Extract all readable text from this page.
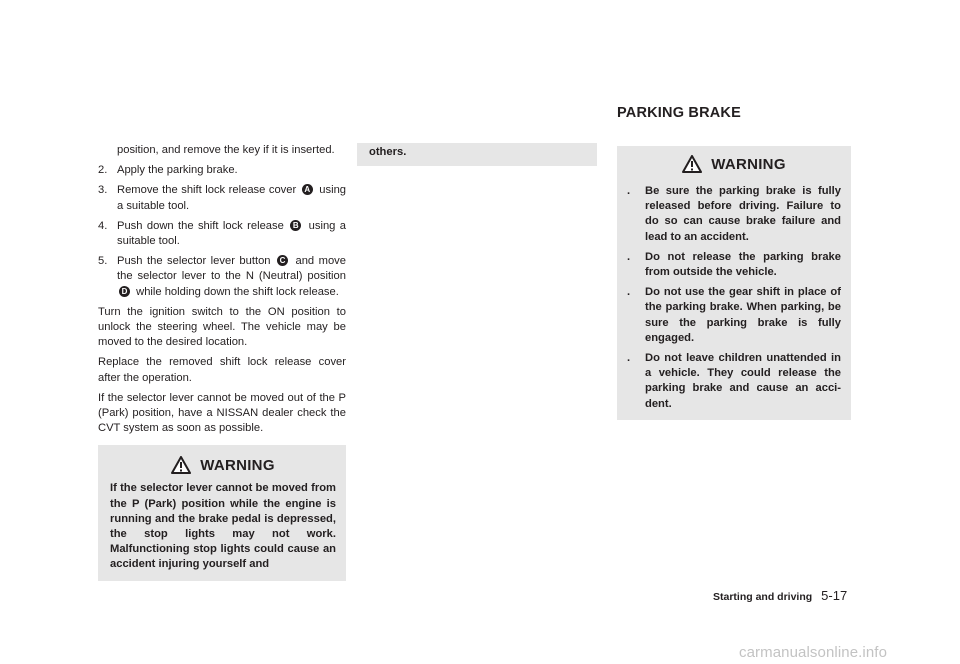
PARKING BRAKE

position, and remove the key if it is inserted.

2. Apply the parking brake.
3. Remove the shift lock release cover A using a suitable tool.
4. Push down the shift lock release B using a suitable tool.
5. Push the selector lever button C and move the selector lever to the N (Neutral) position D while holding down the shift lock release.

Turn the ignition switch to the ON position to unlock the steering wheel. The vehicle may be moved to the desired location.

Replace the removed shift lock release cover after the operation.

If the selector lever cannot be moved out of the P (Park) position, have a NISSAN dealer check the CVT system as soon as possible.

WARNING

If the selector lever cannot be moved from the P (Park) position while the engine is running and the brake pedal is depressed, the stop lights may not work. Malfunctioning stop lights could cause an accident injuring yourself and

others.

WARNING
.	Be sure the parking brake is fully released before driving. Failure to do so can cause brake failure and lead to an accident.
.	Do not release the parking brake from outside the vehicle.
.	Do not use the gear shift in place of the parking brake. When parking, be sure the parking brake is fully engaged.
.	Do not leave children unattended in a vehicle. They could release the parking brake and cause an acci-dent.
Starting and driving 5-17
carmanualsonline.info
